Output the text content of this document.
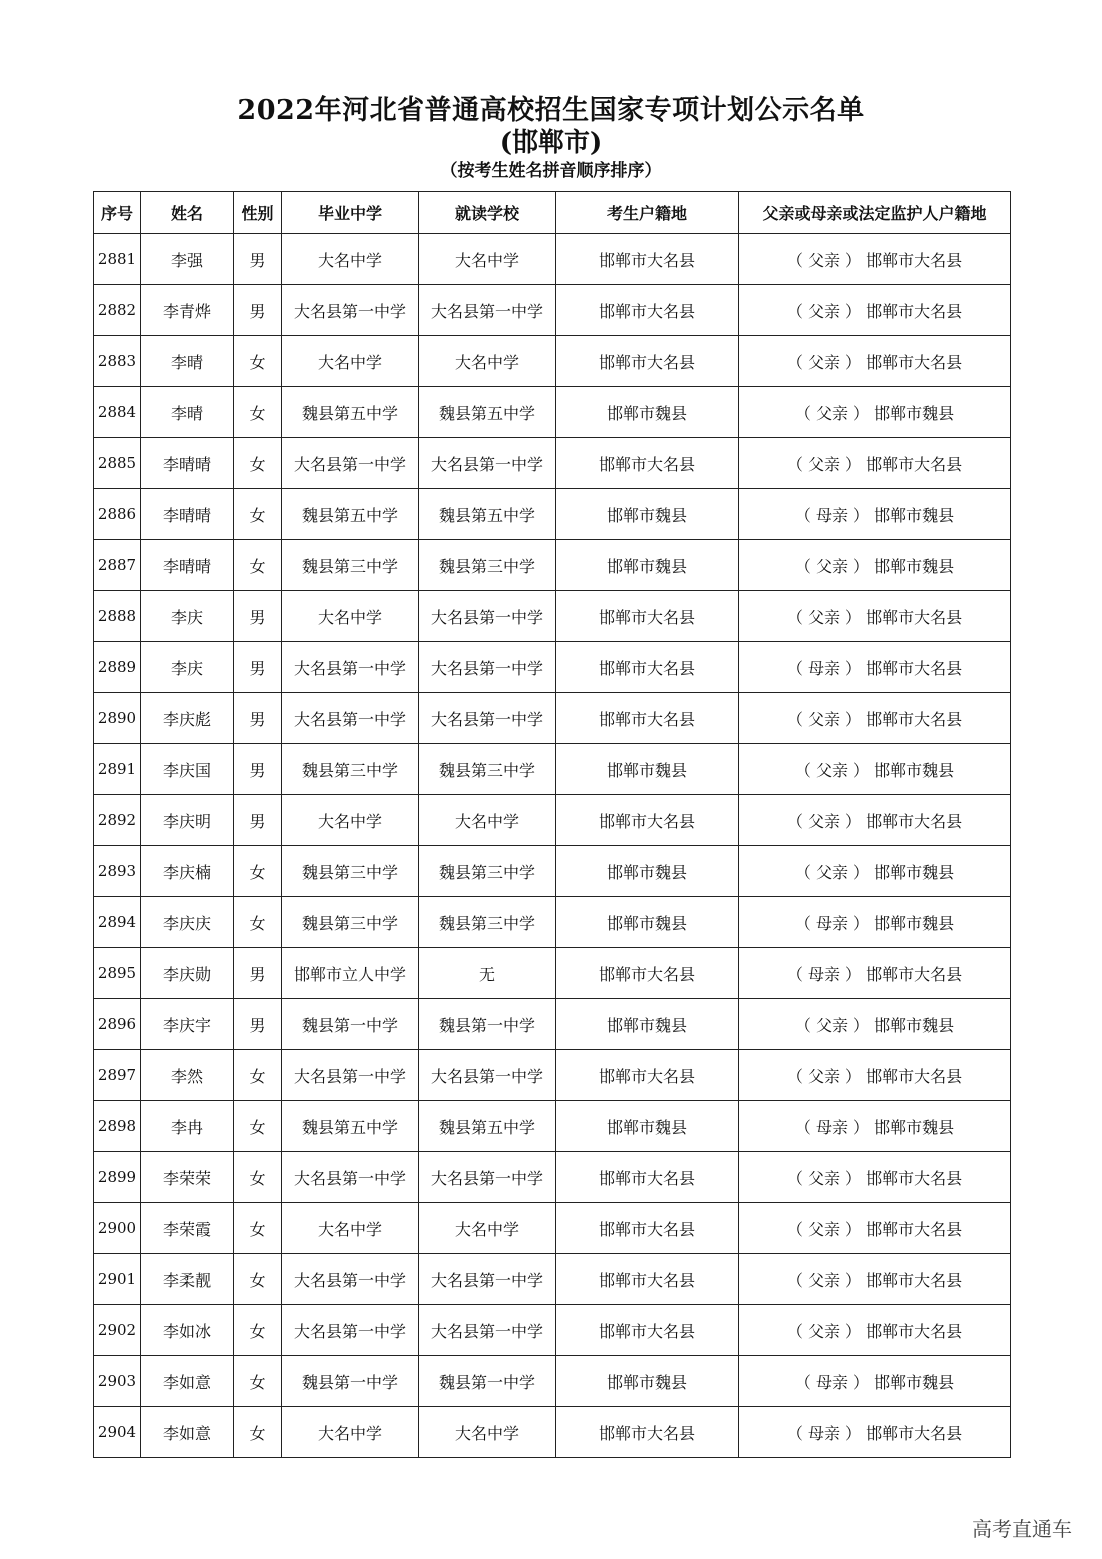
2022年河北省普通高校招生国家专项计划公示名单
(邯郸市)
（按考生姓名拼音顺序排序）
序号	姓名	性别	毕业中学	就读学校	考生户籍地	父亲或母亲或法定监护人户籍地
2881	李强	男	大名中学	大名中学	邯郸市大名县	（ 父亲 ） 邯郸市大名县
2882	李青烨	男	大名县第一中学	大名县第一中学	邯郸市大名县	（ 父亲 ） 邯郸市大名县
2883	李晴	女	大名中学	大名中学	邯郸市大名县	（ 父亲 ） 邯郸市大名县
2884	李晴	女	魏县第五中学	魏县第五中学	邯郸市魏县	（ 父亲 ） 邯郸市魏县
2885	李晴晴	女	大名县第一中学	大名县第一中学	邯郸市大名县	（ 父亲 ） 邯郸市大名县
2886	李晴晴	女	魏县第五中学	魏县第五中学	邯郸市魏县	（ 母亲 ） 邯郸市魏县
2887	李晴晴	女	魏县第三中学	魏县第三中学	邯郸市魏县	（ 父亲 ） 邯郸市魏县
2888	李庆	男	大名中学	大名县第一中学	邯郸市大名县	（ 父亲 ） 邯郸市大名县
2889	李庆	男	大名县第一中学	大名县第一中学	邯郸市大名县	（ 母亲 ） 邯郸市大名县
2890	李庆彪	男	大名县第一中学	大名县第一中学	邯郸市大名县	（ 父亲 ） 邯郸市大名县
2891	李庆国	男	魏县第三中学	魏县第三中学	邯郸市魏县	（ 父亲 ） 邯郸市魏县
2892	李庆明	男	大名中学	大名中学	邯郸市大名县	（ 父亲 ） 邯郸市大名县
2893	李庆楠	女	魏县第三中学	魏县第三中学	邯郸市魏县	（ 父亲 ） 邯郸市魏县
2894	李庆庆	女	魏县第三中学	魏县第三中学	邯郸市魏县	（ 母亲 ） 邯郸市魏县
2895	李庆勋	男	邯郸市立人中学	无	邯郸市大名县	（ 母亲 ） 邯郸市大名县
2896	李庆宇	男	魏县第一中学	魏县第一中学	邯郸市魏县	（ 父亲 ） 邯郸市魏县
2897	李然	女	大名县第一中学	大名县第一中学	邯郸市大名县	（ 父亲 ） 邯郸市大名县
2898	李冉	女	魏县第五中学	魏县第五中学	邯郸市魏县	（ 母亲 ） 邯郸市魏县
2899	李荣荣	女	大名县第一中学	大名县第一中学	邯郸市大名县	（ 父亲 ） 邯郸市大名县
2900	李荣霞	女	大名中学	大名中学	邯郸市大名县	（ 父亲 ） 邯郸市大名县
2901	李柔靓	女	大名县第一中学	大名县第一中学	邯郸市大名县	（ 父亲 ） 邯郸市大名县
2902	李如冰	女	大名县第一中学	大名县第一中学	邯郸市大名县	（ 父亲 ） 邯郸市大名县
2903	李如意	女	魏县第一中学	魏县第一中学	邯郸市魏县	（ 母亲 ） 邯郸市魏县
2904	李如意	女	大名中学	大名中学	邯郸市大名县	（ 母亲 ） 邯郸市大名县
高考直通车
